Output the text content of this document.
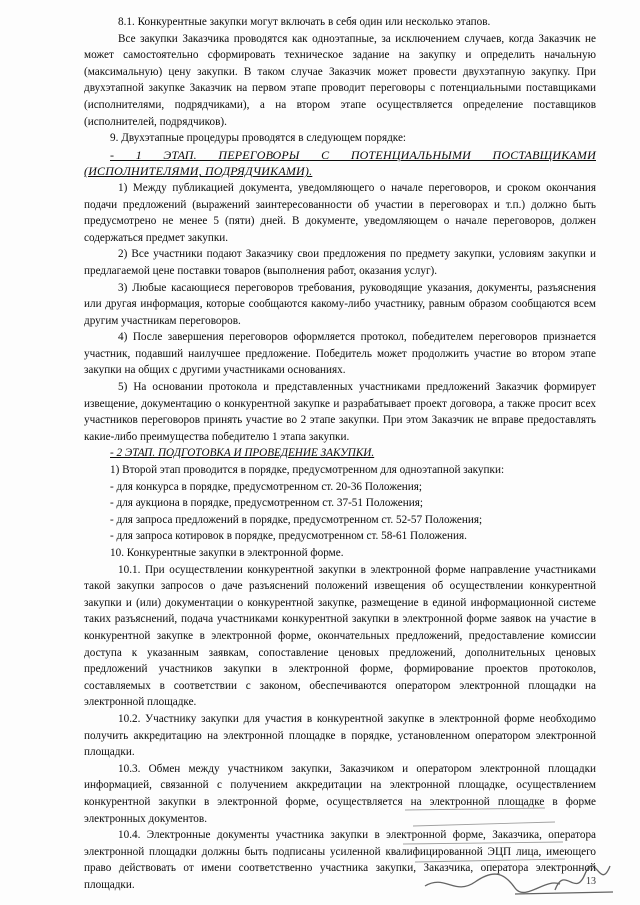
8.1. Конкурентные закупки могут включать в себя один или несколько этапов.

Все закупки Заказчика проводятся как одноэтапные, за исключением случаев, когда Заказчик не может самостоятельно сформировать техническое задание на закупку и определить начальную (максимальную) цену закупки. В таком случае Заказчик может провести двухэтапную закупку. При двухэтапной закупке Заказчик на первом этапе проводит переговоры с потенциальными поставщиками (исполнителями, подрядчиками), а на втором этапе осуществляется определение поставщиков (исполнителей, подрядчиков).

9. Двухэтапные процедуры проводятся в следующем порядке:

- 1 ЭТАП. ПЕРЕГОВОРЫ С ПОТЕНЦИАЛЬНЫМИ ПОСТАВЩИКАМИ (ИСПОЛНИТЕЛЯМИ, ПОДРЯДЧИКАМИ).

1) Между публикацией документа, уведомляющего о начале переговоров, и сроком окончания подачи предложений (выражений заинтересованности об участии в переговорах и т.п.) должно быть предусмотрено не менее 5 (пяти) дней. В документе, уведомляющем о начале переговоров, должен содержаться предмет закупки.

2) Все участники подают Заказчику свои предложения по предмету закупки, условиям закупки и предлагаемой цене поставки товаров (выполнения работ, оказания услуг).

3) Любые касающиеся переговоров требования, руководящие указания, документы, разъяснения или другая информация, которые сообщаются какому-либо участнику, равным образом сообщаются всем другим участникам переговоров.

4) После завершения переговоров оформляется протокол, победителем переговоров признается участник, подавший наилучшее предложение. Победитель может продолжить участие во втором этапе закупки на общих с другими участниками основаниях.

5) На основании протокола и представленных участниками предложений Заказчик формирует извещение, документацию о конкурентной закупке и разрабатывает проект договора, а также просит всех участников переговоров принять участие во 2 этапе закупки. При этом Заказчик не вправе предоставлять какие-либо преимущества победителю 1 этапа закупки.

- 2 ЭТАП. ПОДГОТОВКА И ПРОВЕДЕНИЕ ЗАКУПКИ.

1) Второй этап проводится в порядке, предусмотренном для одноэтапной закупки:

- для конкурса в порядке, предусмотренном ст. 20-36 Положения;

- для аукциона в порядке, предусмотренном ст. 37-51 Положения;

- для запроса предложений в порядке, предусмотренном ст. 52-57 Положения;

- для запроса котировок в порядке, предусмотренном ст. 58-61 Положения.

10. Конкурентные закупки в электронной форме.

10.1. При осуществлении конкурентной закупки в электронной форме направление участниками такой закупки запросов о даче разъяснений положений извещения об осуществлении конкурентной закупки и (или) документации о конкурентной закупке, размещение в единой информационной системе таких разъяснений, подача участниками конкурентной закупки в электронной форме заявок на участие в конкурентной закупке в электронной форме, окончательных предложений, предоставление комиссии доступа к указанным заявкам, сопоставление ценовых предложений, дополнительных ценовых предложений участников закупки в электронной форме, формирование проектов протоколов, составляемых в соответствии с законом, обеспечиваются оператором электронной площадки на электронной площадке.

10.2. Участнику закупки для участия в конкурентной закупке в электронной форме необходимо получить аккредитацию на электронной площадке в порядке, установленном оператором электронной площадки.

10.3. Обмен между участником закупки, Заказчиком и оператором электронной площадки информацией, связанной с получением аккредитации на электронной площадке, осуществлением конкурентной закупки в электронной форме, осуществляется на электронной площадке в форме электронных документов.

10.4. Электронные документы участника закупки в электронной форме, Заказчика, оператора электронной площадки должны быть подписаны усиленной квалифицированной ЭЦП лица, имеющего право действовать от имени соответственно участника закупки, Заказчика, оператора электронной площадки.	13
